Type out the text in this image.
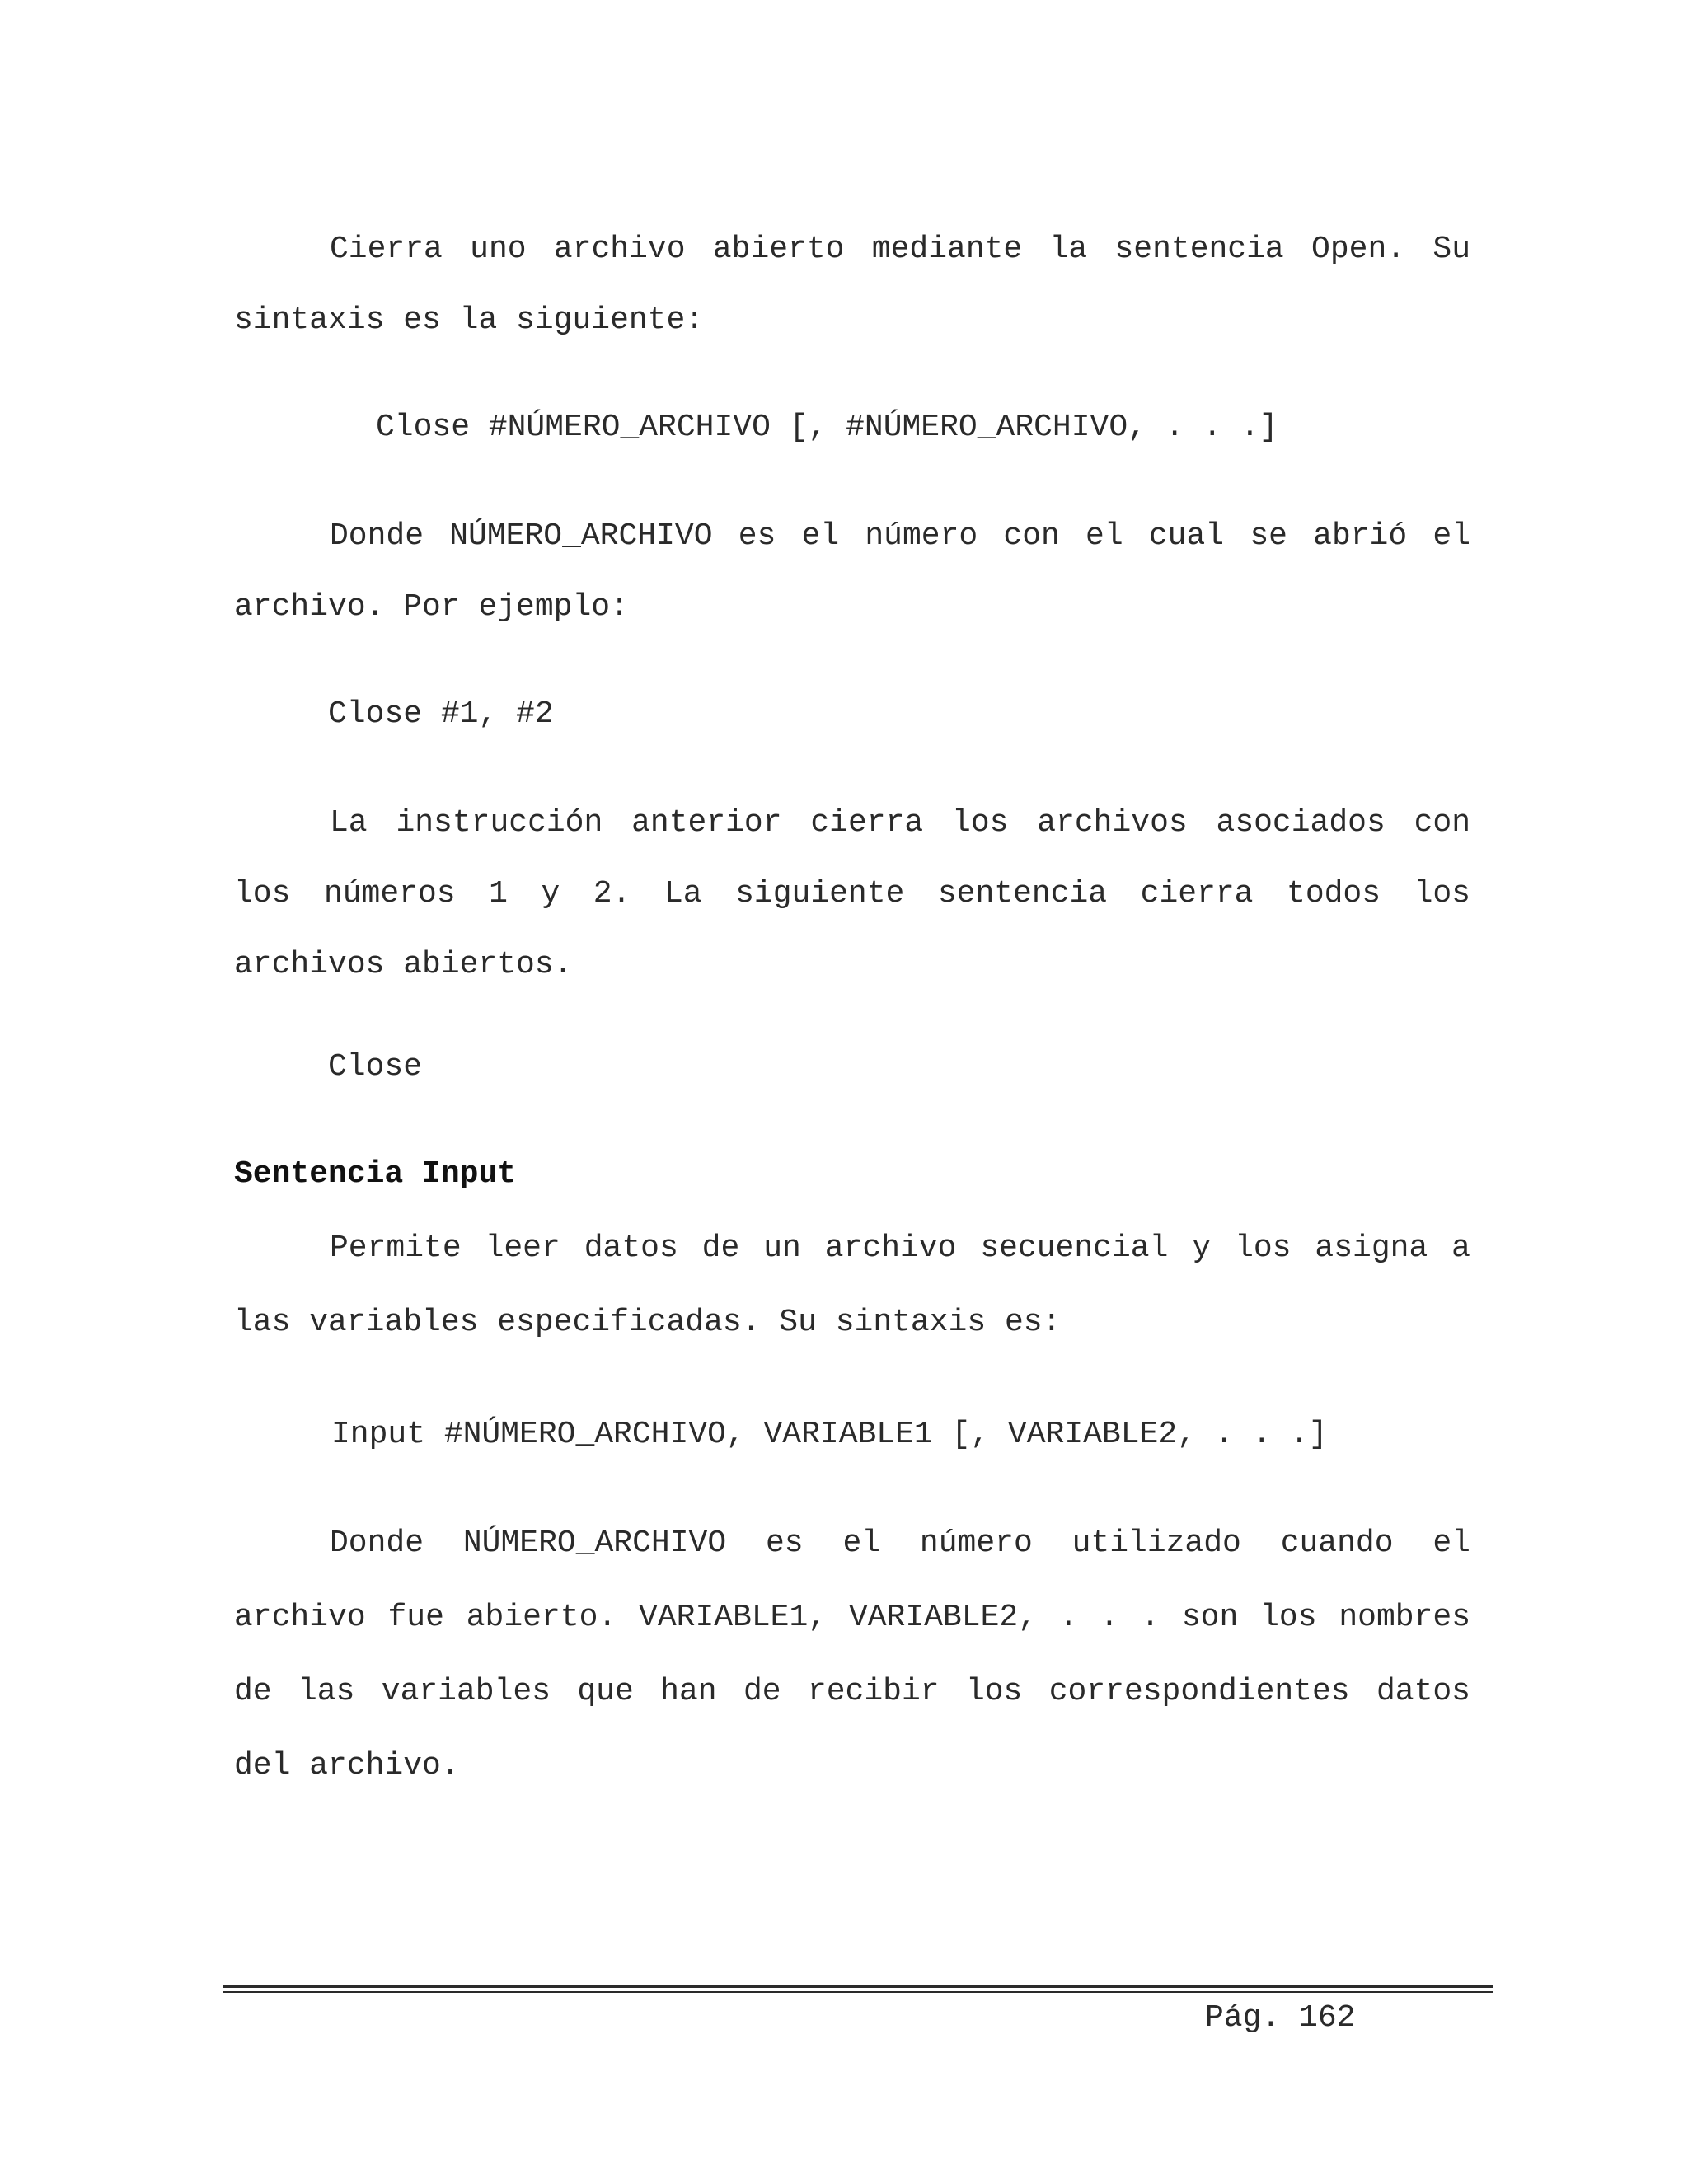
Cierra uno archivo abierto mediante la sentencia Open. Su sintaxis es la siguiente:

Close #NÚMERO_ARCHIVO [, #NÚMERO_ARCHIVO, . . .]

Donde NÚMERO_ARCHIVO es el número con el cual se abrió el archivo. Por ejemplo:

Close #1, #2

La instrucción anterior cierra los archivos asociados con los números 1 y 2. La siguiente sentencia cierra todos los archivos abiertos.

Close

Sentencia Input

Permite leer datos de un archivo secuencial y los asigna a las variables especificadas. Su sintaxis es:

Input #NÚMERO_ARCHIVO, VARIABLE1 [, VARIABLE2, . . .]

Donde NÚMERO_ARCHIVO es el número utilizado cuando el archivo fue abierto. VARIABLE1, VARIABLE2, . . . son los nombres de las variables que han de recibir los correspondientes datos del archivo.

Pág. 162
